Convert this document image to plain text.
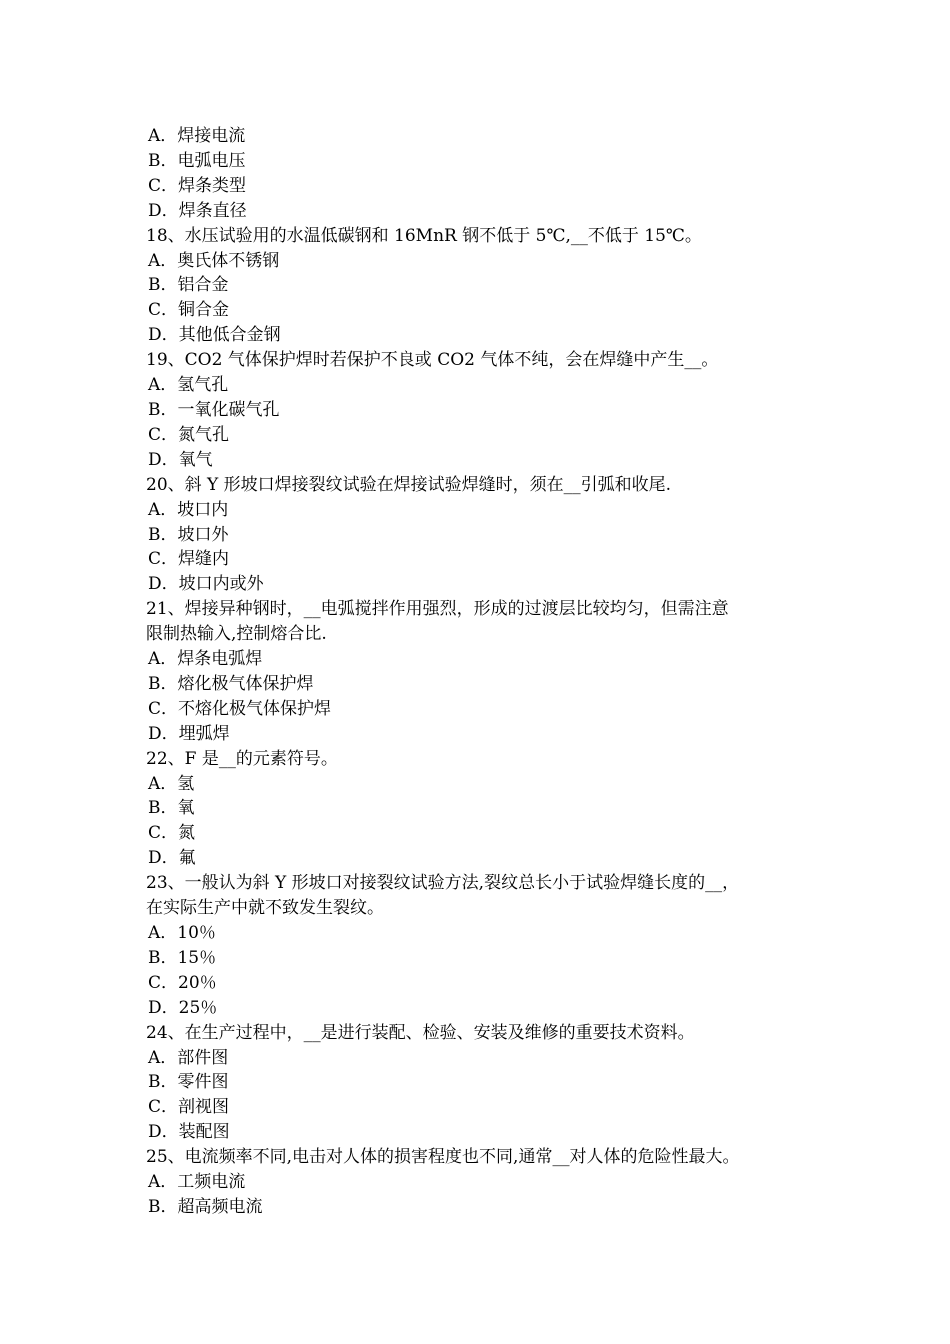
A．焊接电流
B．电弧电压
C．焊条类型
D．焊条直径
18、水压试验用的水温低碳钢和 16MnR 钢不低于 5℃,__不低于 15℃。
A．奥氏体不锈钢
B．铝合金
C．铜合金
D．其他低合金钢
19、CO2 气体保护焊时若保护不良或 CO2 气体不纯，会在焊缝中产生__。
A．氢气孔
B．一氧化碳气孔
C．氮气孔
D．氧气
20、斜 Y 形坡口焊接裂纹试验在焊接试验焊缝时，须在__引弧和收尾.
A．坡口内
B．坡口外
C．焊缝内
D．坡口内或外
21、焊接异种钢时，__电弧搅拌作用强烈，形成的过渡层比较均匀，但需注意
限制热输入,控制熔合比.
A．焊条电弧焊
B．熔化极气体保护焊
C．不熔化极气体保护焊
D．埋弧焊
22、F 是__的元素符号。
A．氢
B．氧
C．氮
D．氟
23、一般认为斜 Y 形坡口对接裂纹试验方法,裂纹总长小于试验焊缝长度的__，
在实际生产中就不致发生裂纹。
A．10％
B．15％
C．20％
D．25％
24、在生产过程中，__是进行装配、检验、安装及维修的重要技术资料。
A．部件图
B．零件图
C．剖视图
D．装配图
25、电流频率不同,电击对人体的损害程度也不同,通常__对人体的危险性最大。
A．工频电流
B．超高频电流
